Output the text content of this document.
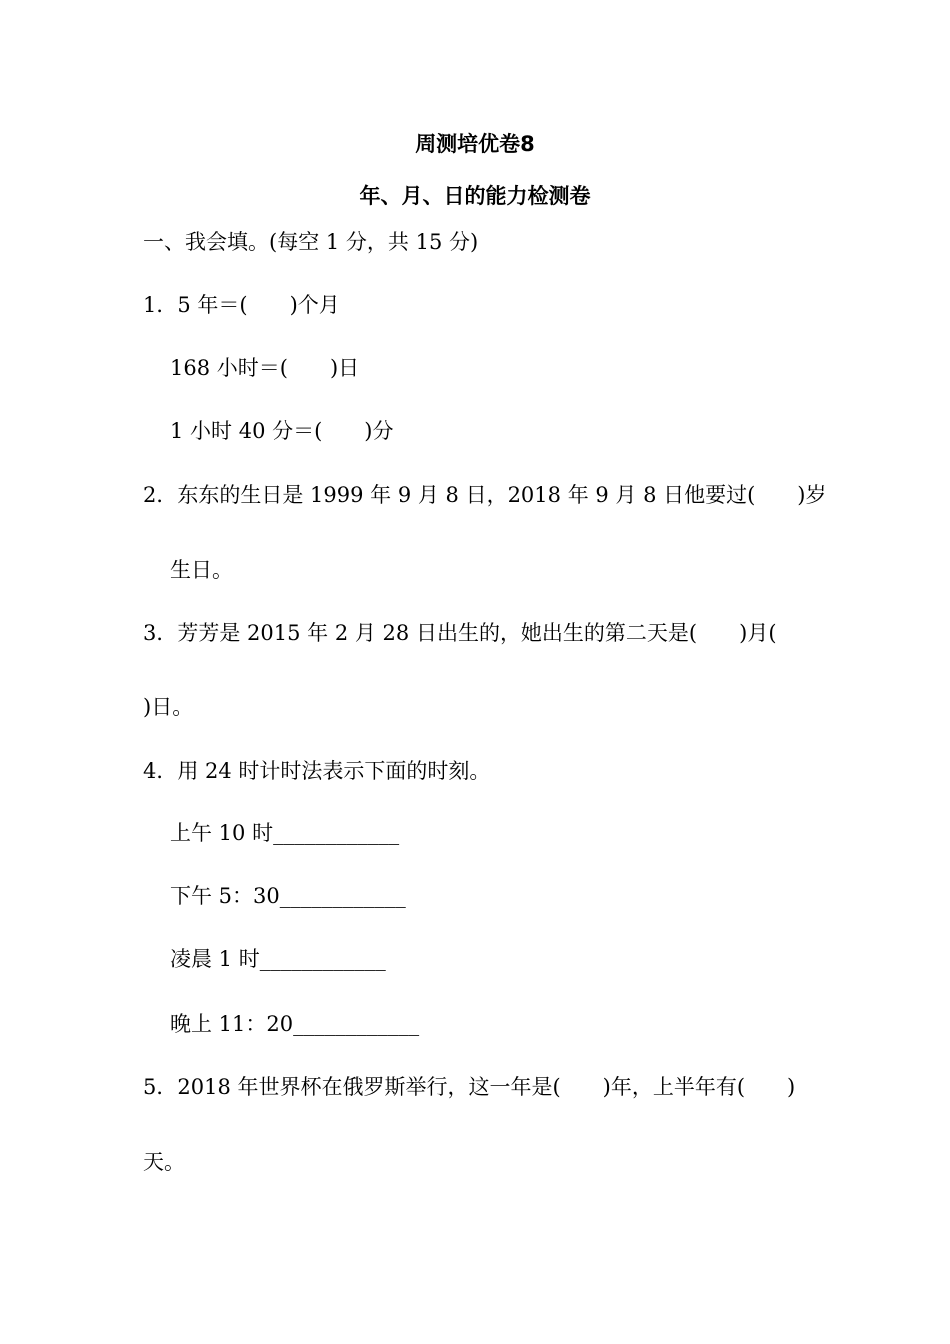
周测培优卷8
年、月、日的能力检测卷
一、我会填。(每空 1 分，共 15 分)
1．5 年＝(　　)个月
168 小时＝(　　)日
1 小时 40 分＝(　　)分
2．东东的生日是 1999 年 9 月 8 日，2018 年 9 月 8 日他要过(　　)岁
生日。
3．芳芳是 2015 年 2 月 28 日出生的，她出生的第二天是(　　)月(
)日。
4．用 24 时计时法表示下面的时刻。
上午 10 时____________
下午 5：30____________
凌晨 1 时____________
晚上 11：20____________
5．2018 年世界杯在俄罗斯举行，这一年是(　　)年，上半年有(　　)
天。
